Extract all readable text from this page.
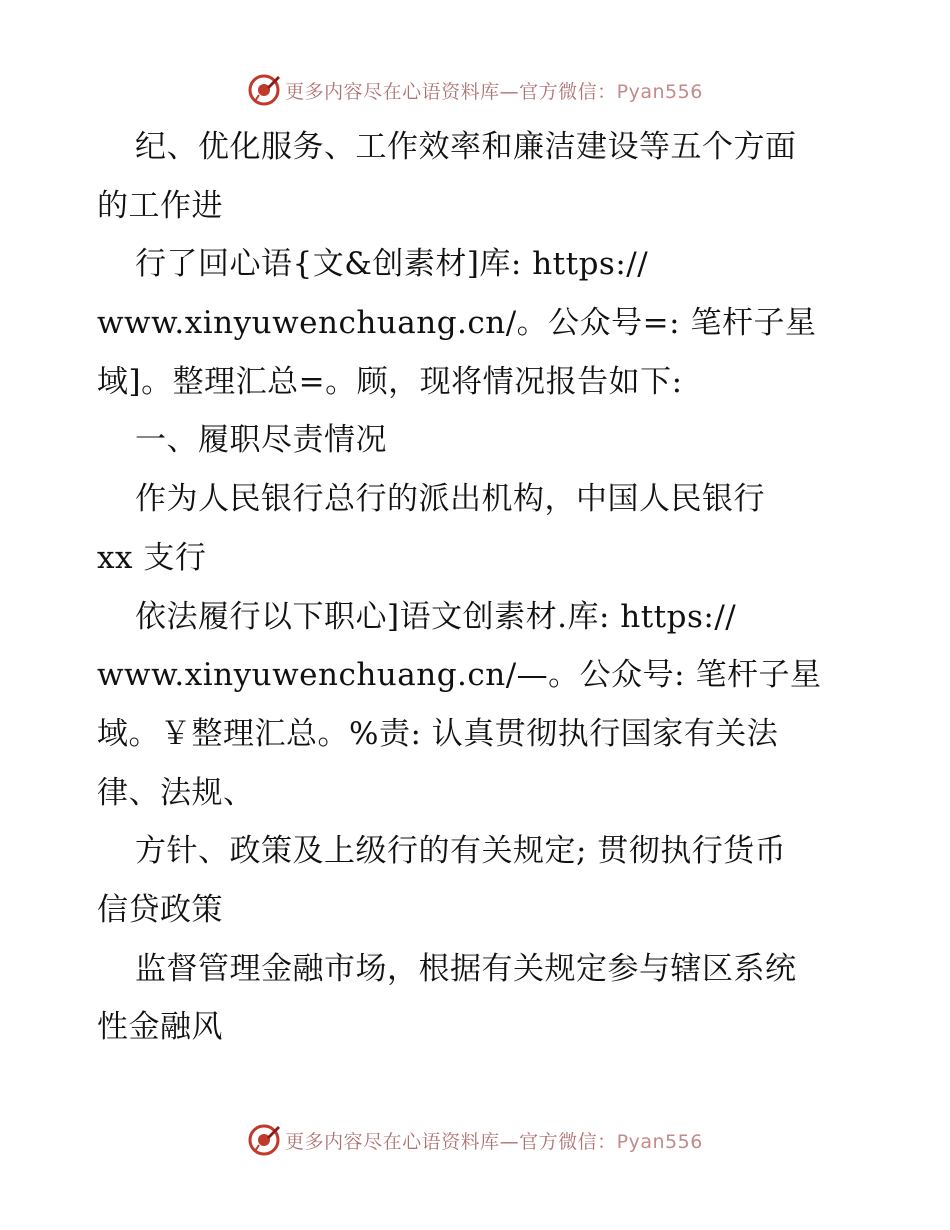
更多内容尽在心语资料库—官方微信：Pyan556
纪、优化服务、工作效率和廉洁建设等五个方面
的工作进
行了回心语{文&创素材]库: https://
www.xinyuwenchuang.cn/。公众号=: 笔杆子星
域]。整理汇总=。顾，现将情况报告如下:
一、履职尽责情况
作为人民银行总行的派出机构，中国人民银行
xx 支行
依法履行以下职心]语文创素材.库: https://
www.xinyuwenchuang.cn/—。公众号: 笔杆子星
域。￥整理汇总。%责: 认真贯彻执行国家有关法
律、法规、
方针、政策及上级行的有关规定; 贯彻执行货币
信贷政策
监督管理金融市场，根据有关规定参与辖区系统
性金融风
更多内容尽在心语资料库—官方微信：Pyan556
